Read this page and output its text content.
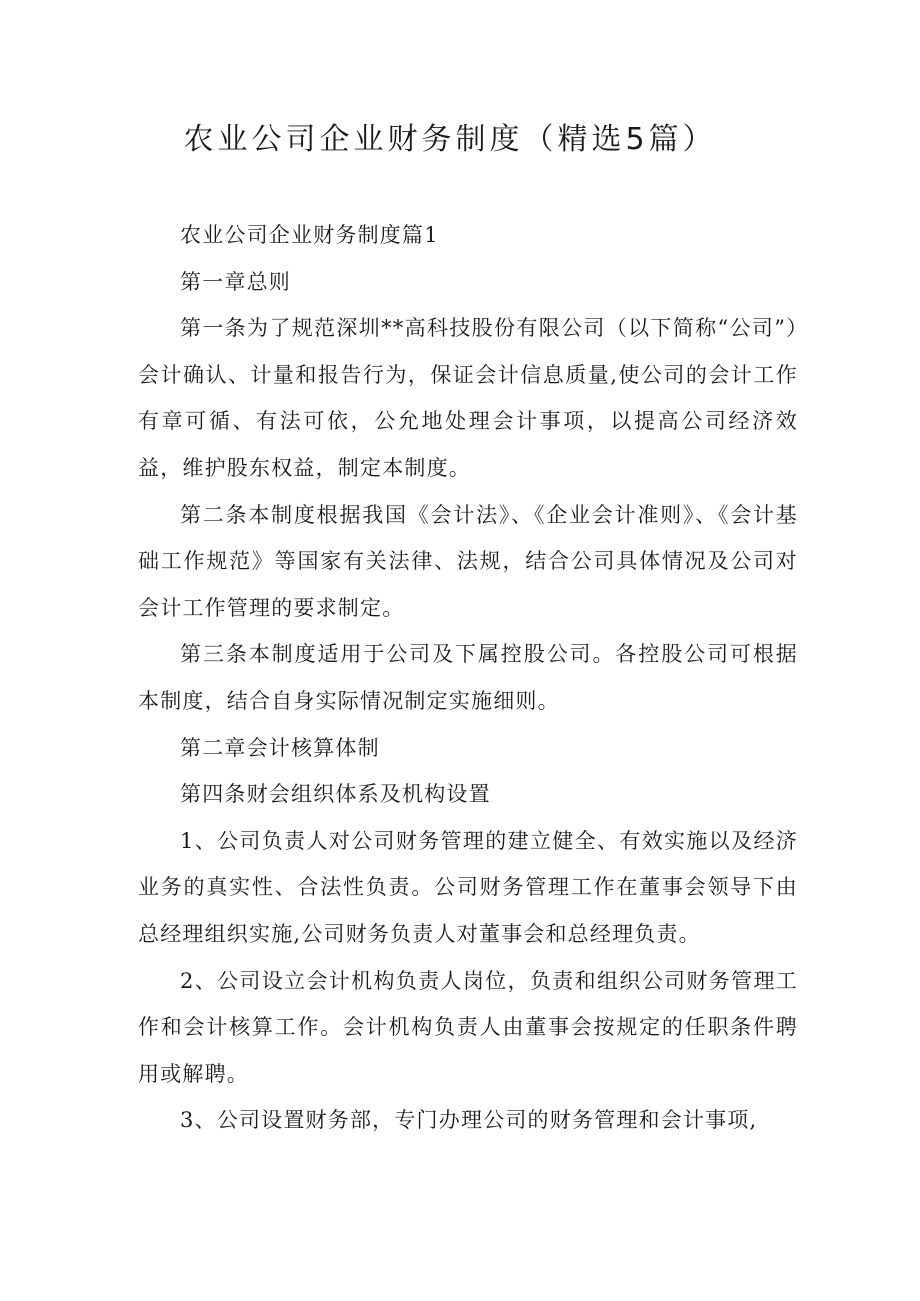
农业公司企业财务制度（精选5篇）

农业公司企业财务制度篇1

第一章总则

第一条为了规范深圳**高科技股份有限公司（以下简称“公司”）会计确认、计量和报告行为，保证会计信息质量,使公司的会计工作有章可循、有法可依，公允地处理会计事项，以提高公司经济效益，维护股东权益，制定本制度。

第二条本制度根据我国《会计法》、《企业会计准则》、《会计基础工作规范》等国家有关法律、法规，结合公司具体情况及公司对会计工作管理的要求制定。

第三条本制度适用于公司及下属控股公司。各控股公司可根据本制度，结合自身实际情况制定实施细则。

第二章会计核算体制

第四条财会组织体系及机构设置

1、公司负责人对公司财务管理的建立健全、有效实施以及经济业务的真实性、合法性负责。公司财务管理工作在董事会领导下由总经理组织实施,公司财务负责人对董事会和总经理负责。

2、公司设立会计机构负责人岗位，负责和组织公司财务管理工作和会计核算工作。会计机构负责人由董事会按规定的任职条件聘用或解聘。

3、公司设置财务部，专门办理公司的财务管理和会计事项,
